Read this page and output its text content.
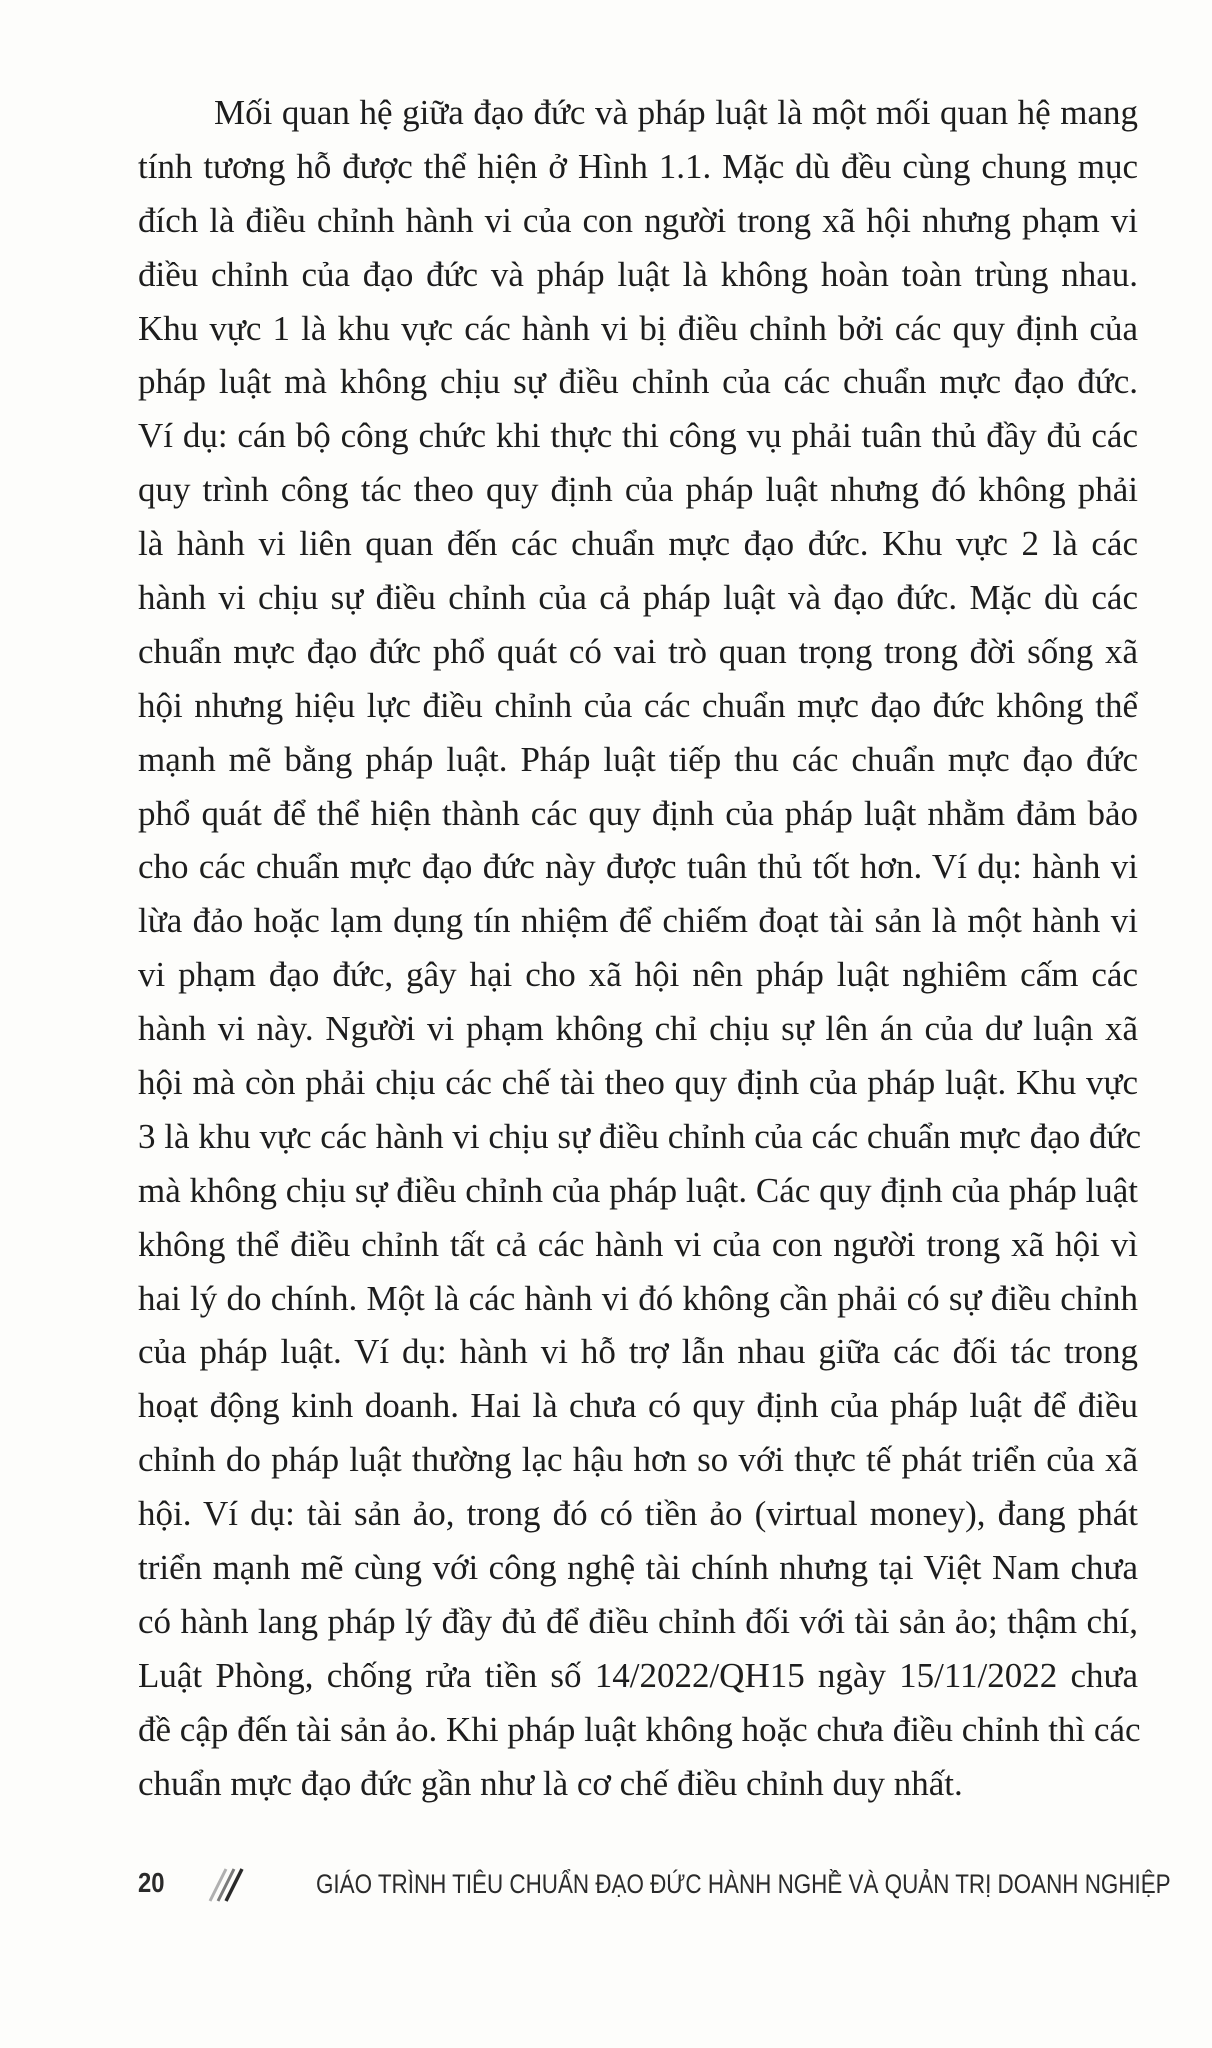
Mối quan hệ giữa đạo đức và pháp luật là một mối quan hệ mang
tính tương hỗ được thể hiện ở Hình 1.1. Mặc dù đều cùng chung mục
đích là điều chỉnh hành vi của con người trong xã hội nhưng phạm vi
điều chỉnh của đạo đức và pháp luật là không hoàn toàn trùng nhau.
Khu vực 1 là khu vực các hành vi bị điều chỉnh bởi các quy định của
pháp luật mà không chịu sự điều chỉnh của các chuẩn mực đạo đức.
Ví dụ: cán bộ công chức khi thực thi công vụ phải tuân thủ đầy đủ các
quy trình công tác theo quy định của pháp luật nhưng đó không phải
là hành vi liên quan đến các chuẩn mực đạo đức. Khu vực 2 là các
hành vi chịu sự điều chỉnh của cả pháp luật và đạo đức. Mặc dù các
chuẩn mực đạo đức phổ quát có vai trò quan trọng trong đời sống xã
hội nhưng hiệu lực điều chỉnh của các chuẩn mực đạo đức không thể
mạnh mẽ bằng pháp luật. Pháp luật tiếp thu các chuẩn mực đạo đức
phổ quát để thể hiện thành các quy định của pháp luật nhằm đảm bảo
cho các chuẩn mực đạo đức này được tuân thủ tốt hơn. Ví dụ: hành vi
lừa đảo hoặc lạm dụng tín nhiệm để chiếm đoạt tài sản là một hành vi
vi phạm đạo đức, gây hại cho xã hội nên pháp luật nghiêm cấm các
hành vi này. Người vi phạm không chỉ chịu sự lên án của dư luận xã
hội mà còn phải chịu các chế tài theo quy định của pháp luật. Khu vực
3 là khu vực các hành vi chịu sự điều chỉnh của các chuẩn mực đạo đức
mà không chịu sự điều chỉnh của pháp luật. Các quy định của pháp luật
không thể điều chỉnh tất cả các hành vi của con người trong xã hội vì
hai lý do chính. Một là các hành vi đó không cần phải có sự điều chỉnh
của pháp luật. Ví dụ: hành vi hỗ trợ lẫn nhau giữa các đối tác trong
hoạt động kinh doanh. Hai là chưa có quy định của pháp luật để điều
chỉnh do pháp luật thường lạc hậu hơn so với thực tế phát triển của xã
hội. Ví dụ: tài sản ảo, trong đó có tiền ảo (virtual money), đang phát
triển mạnh mẽ cùng với công nghệ tài chính nhưng tại Việt Nam chưa
có hành lang pháp lý đầy đủ để điều chỉnh đối với tài sản ảo; thậm chí,
Luật Phòng, chống rửa tiền số 14/2022/QH15 ngày 15/11/2022 chưa
đề cập đến tài sản ảo. Khi pháp luật không hoặc chưa điều chỉnh thì các
chuẩn mực đạo đức gần như là cơ chế điều chỉnh duy nhất.
20	GIÁO TRÌNH TIÊU CHUẨN ĐẠO ĐỨC HÀNH NGHỀ VÀ QUẢN TRỊ DOANH NGHIỆP
